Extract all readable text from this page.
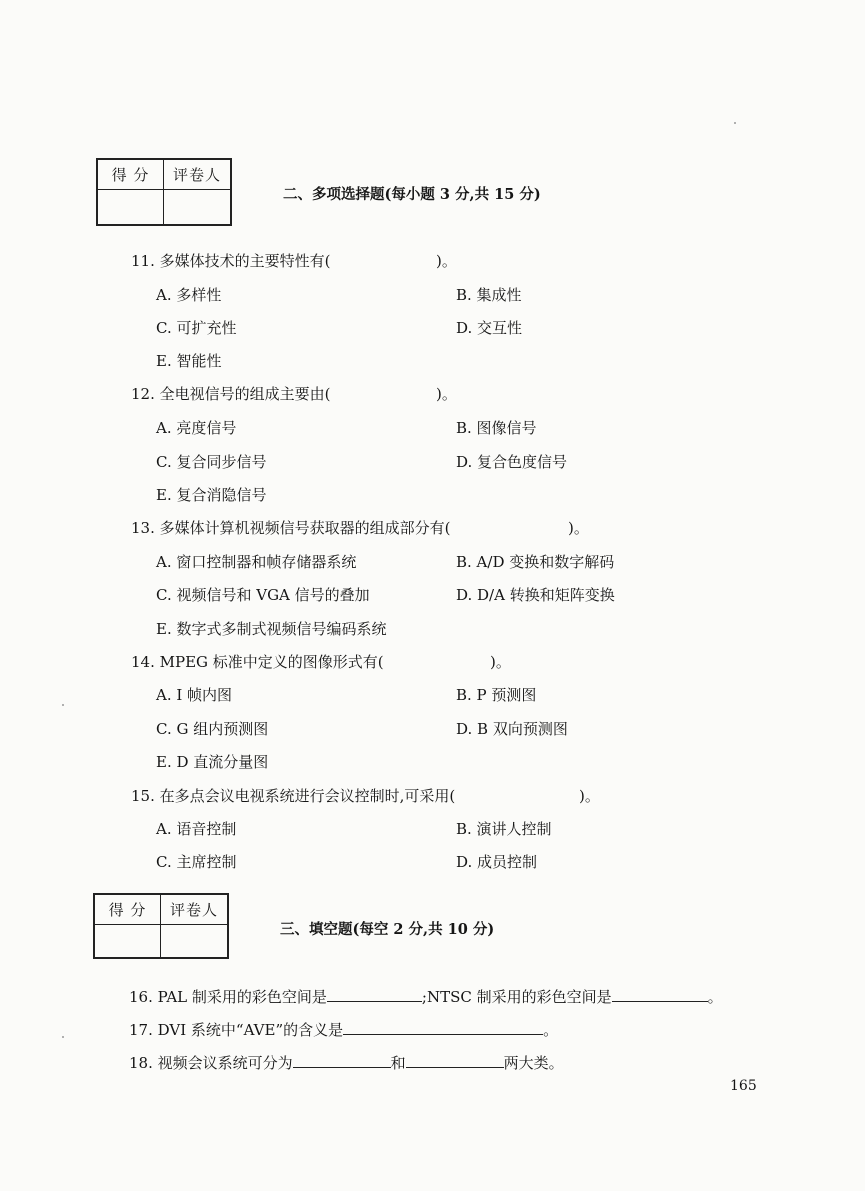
得 分	评卷人
二、多项选择题(每小题 3 分,共 15 分)
11. 多媒体技术的主要特性有(	)。
A. 多样性	B. 集成性
C. 可扩充性	D. 交互性
E. 智能性
12. 全电视信号的组成主要由(	)。
A. 亮度信号	B. 图像信号
C. 复合同步信号	D. 复合色度信号
E. 复合消隐信号
13. 多媒体计算机视频信号获取器的组成部分有(	)。
A. 窗口控制器和帧存储器系统	B. A/D 变换和数字解码
C. 视频信号和 VGA 信号的叠加	D. D/A 转换和矩阵变换
E. 数字式多制式视频信号编码系统
14. MPEG 标准中定义的图像形式有(	)。
A. I 帧内图	B. P 预测图
C. G 组内预测图	D. B 双向预测图
E. D 直流分量图
15. 在多点会议电视系统进行会议控制时,可采用(	)。
A. 语音控制	B. 演讲人控制
C. 主席控制	D. 成员控制
得 分	评卷人
三、填空题(每空 2 分,共 10 分)
16. PAL 制采用的彩色空间是	;NTSC 制采用的彩色空间是	。
17. DVI 系统中“AVE”的含义是	。
18. 视频会议系统可分为	和	两大类。
165
